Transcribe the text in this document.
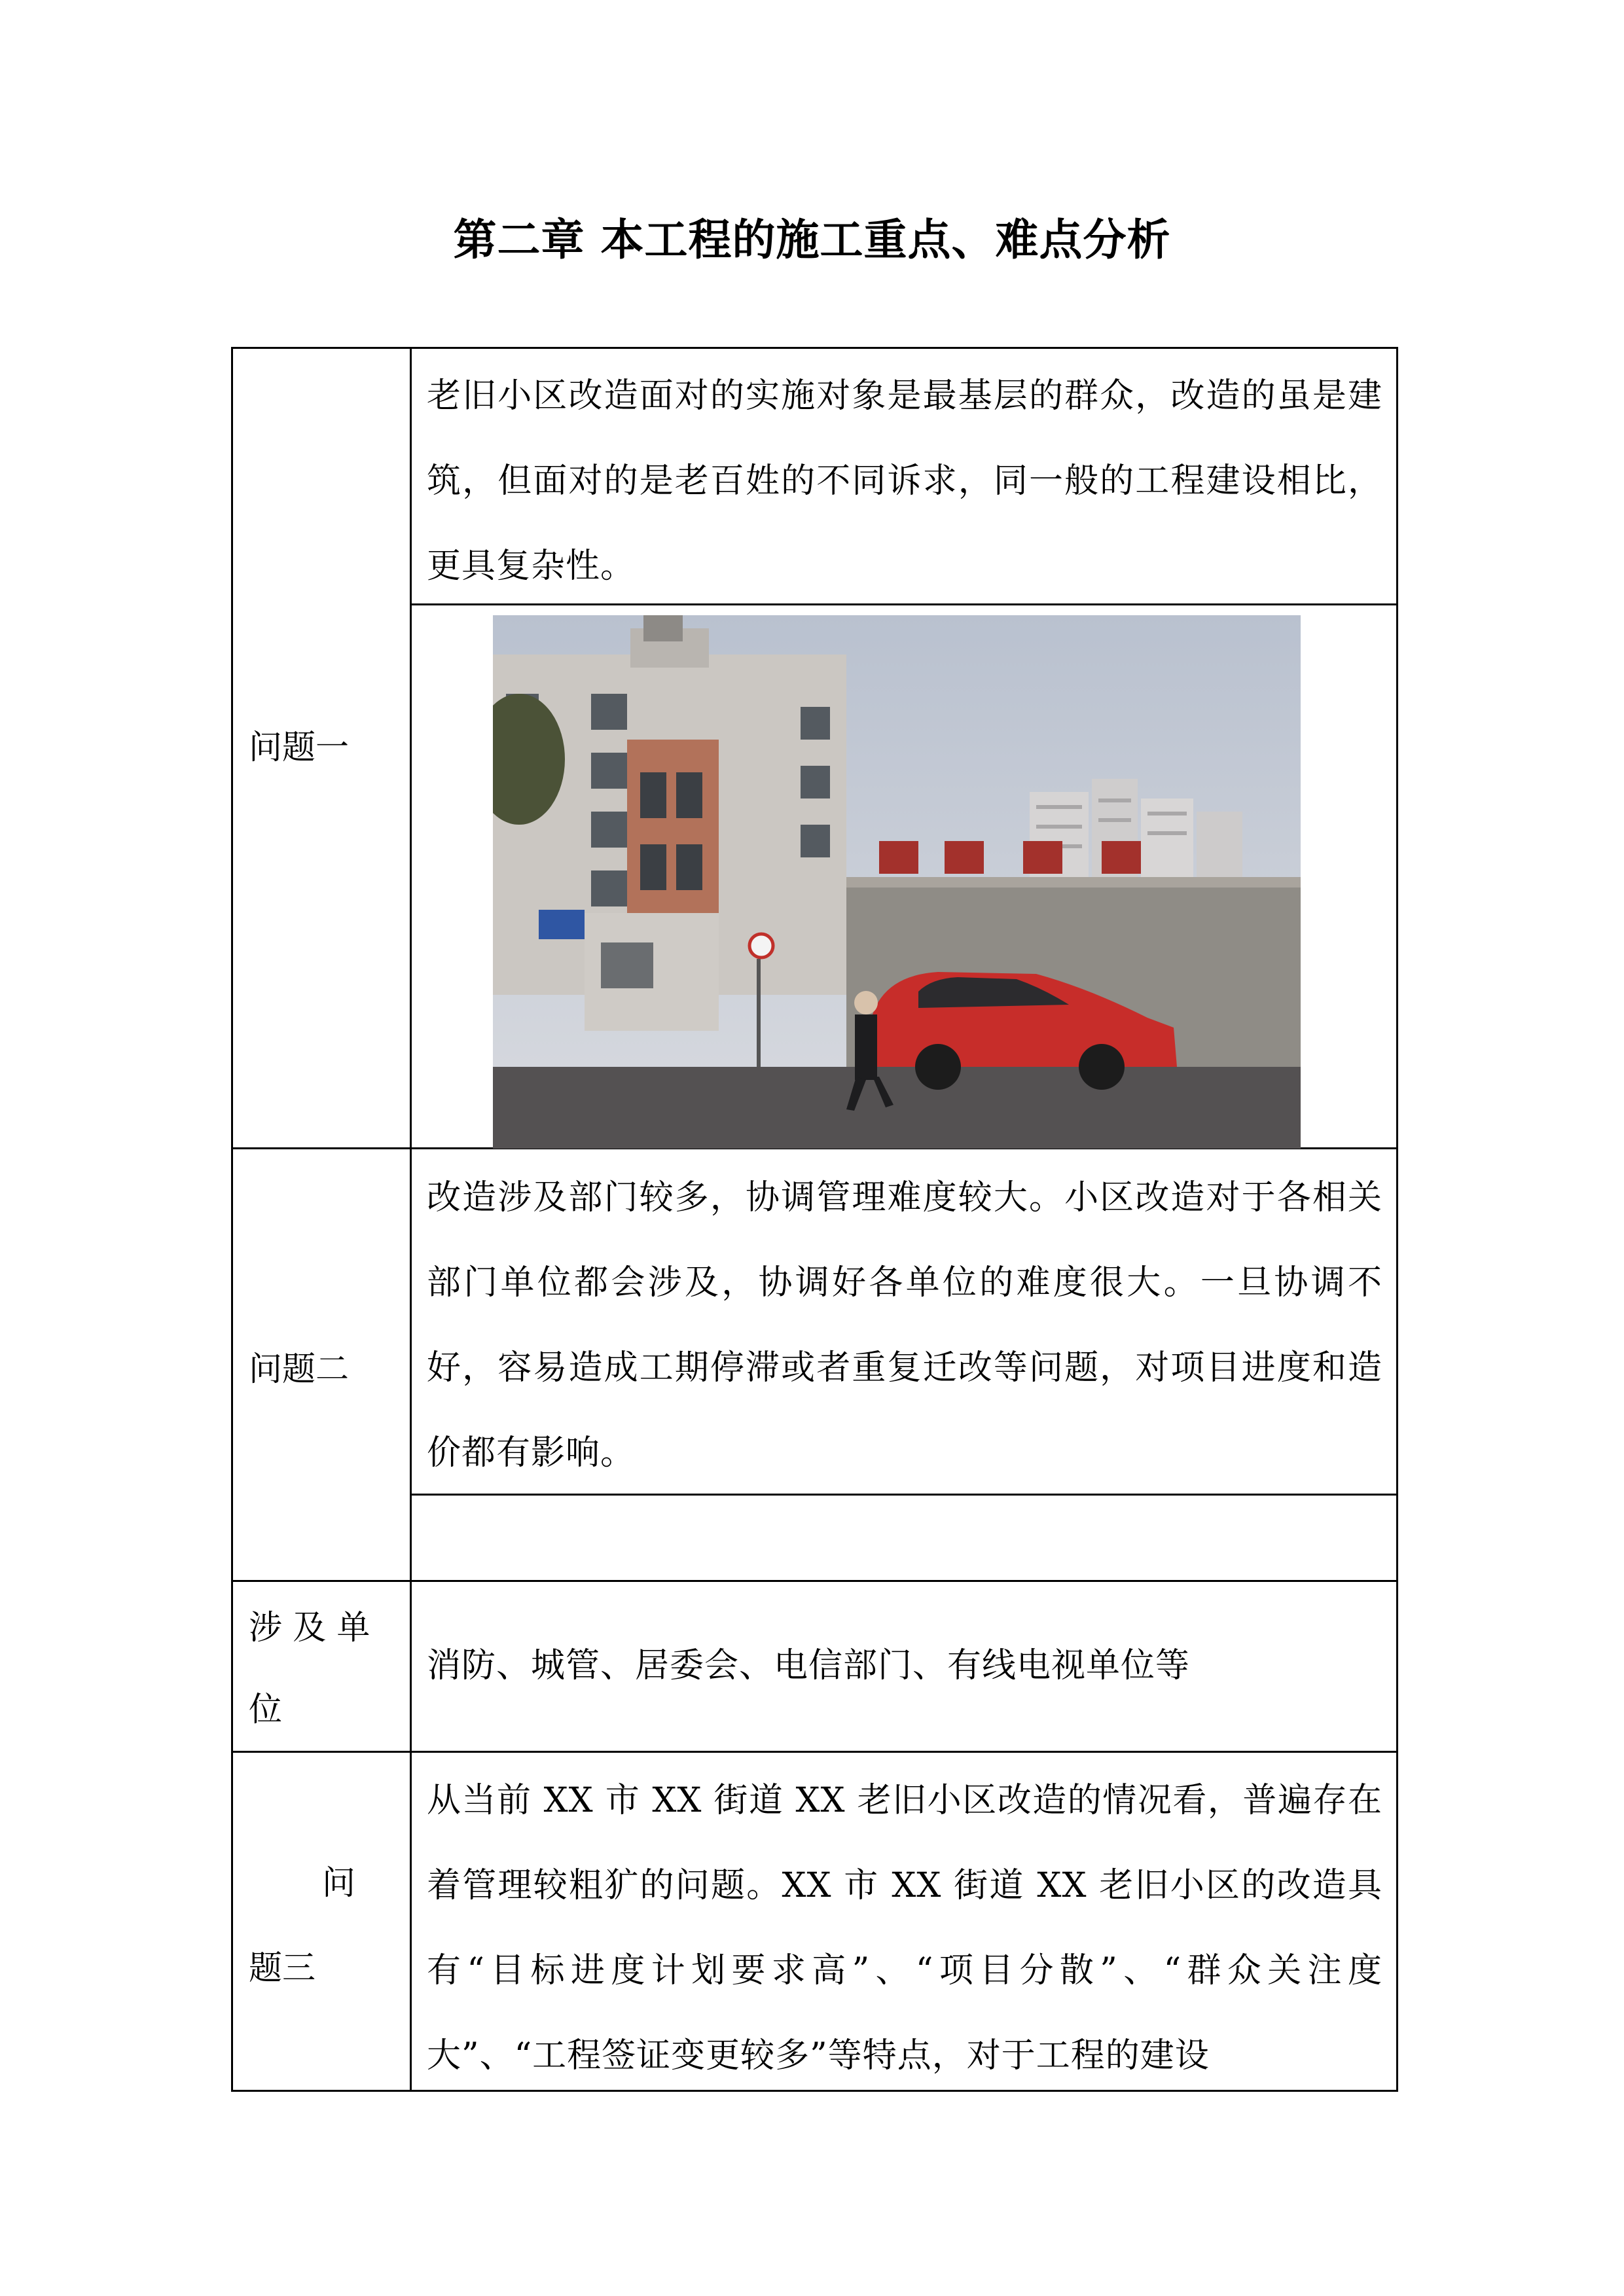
第二章 本工程的施工重点、难点分析
问题一
老旧小区改造面对的实施对象是最基层的群众，改造的虽是建筑，但面对的是老百姓的不同诉求，同一般的工程建设相比，更具复杂性。
问题二
改造涉及部门较多，协调管理难度较大。小区改造对于各相关部门单位都会涉及，协调好各单位的难度很大。一旦协调不好，容易造成工期停滞或者重复迁改等问题，对项目进度和造价都有影响。
涉 及 单
位
消防、城管、居委会、电信部门、有线电视单位等
问
题三
从当前 XX 市 XX 街道 XX 老旧小区改造的情况看，普遍存在着管理较粗犷的问题。XX 市 XX 街道 XX 老旧小区的改造具有“目标进度计划要求高”、“项目分散”、“群众关注度大”、“工程签证变更较多”等特点，对于工程的建设
